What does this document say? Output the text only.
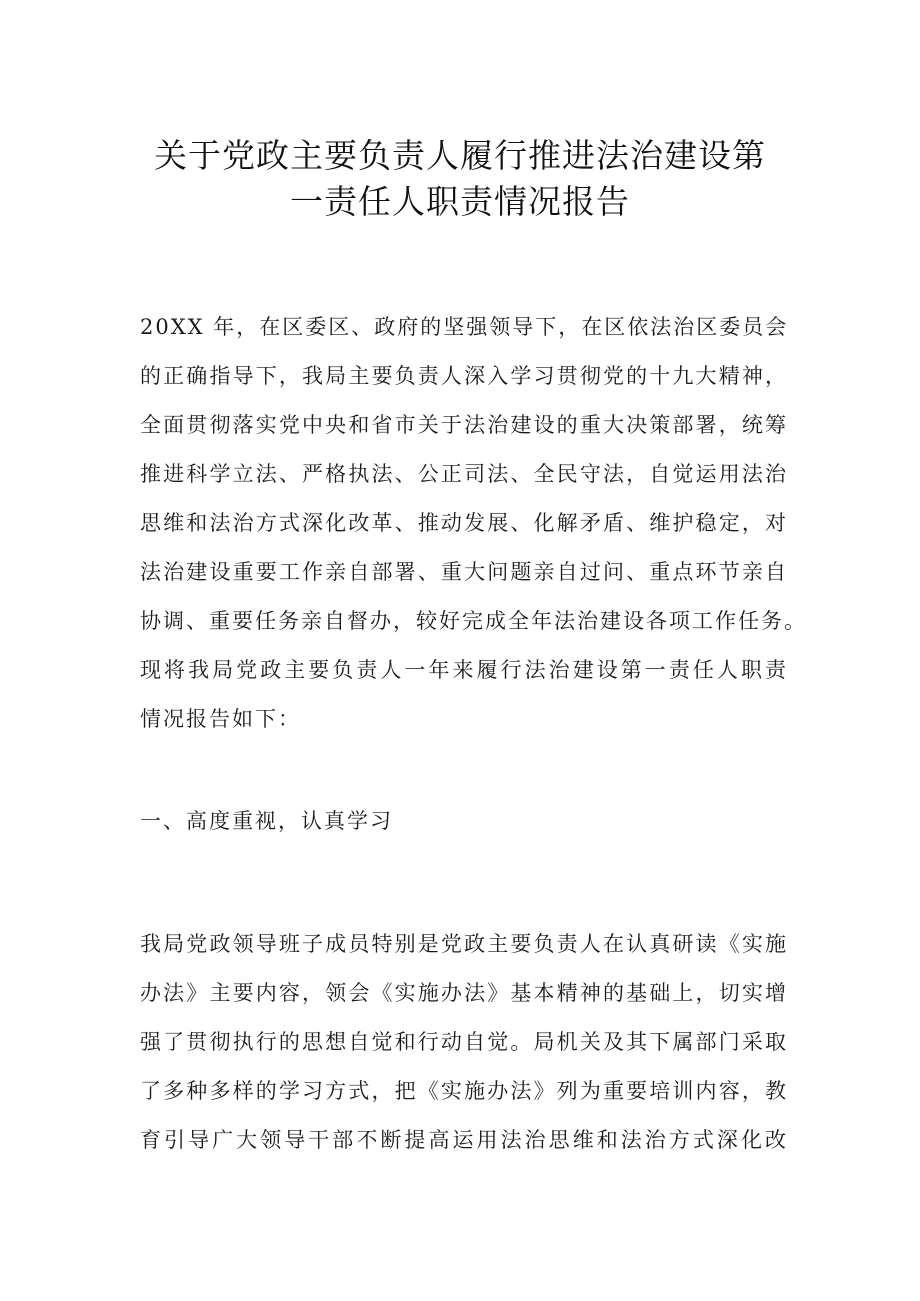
关于党政主要负责人履行推进法治建设第
一责任人职责情况报告
20XX 年，在区委区、政府的坚强领导下，在区依法治区委员会
的正确指导下，我局主要负责人深入学习贯彻党的十九大精神，
全面贯彻落实党中央和省市关于法治建设的重大决策部署，统筹
推进科学立法、严格执法、公正司法、全民守法，自觉运用法治
思维和法治方式深化改革、推动发展、化解矛盾、维护稳定，对
法治建设重要工作亲自部署、重大问题亲自过问、重点环节亲自
协调、重要任务亲自督办，较好完成全年法治建设各项工作任务。
现将我局党政主要负责人一年来履行法治建设第一责任人职责
情况报告如下：
一、高度重视，认真学习
我局党政领导班子成员特别是党政主要负责人在认真研读《实施
办法》主要内容，领会《实施办法》基本精神的基础上，切实增
强了贯彻执行的思想自觉和行动自觉。局机关及其下属部门采取
了多种多样的学习方式，把《实施办法》列为重要培训内容，教
育引导广大领导干部不断提高运用法治思维和法治方式深化改
